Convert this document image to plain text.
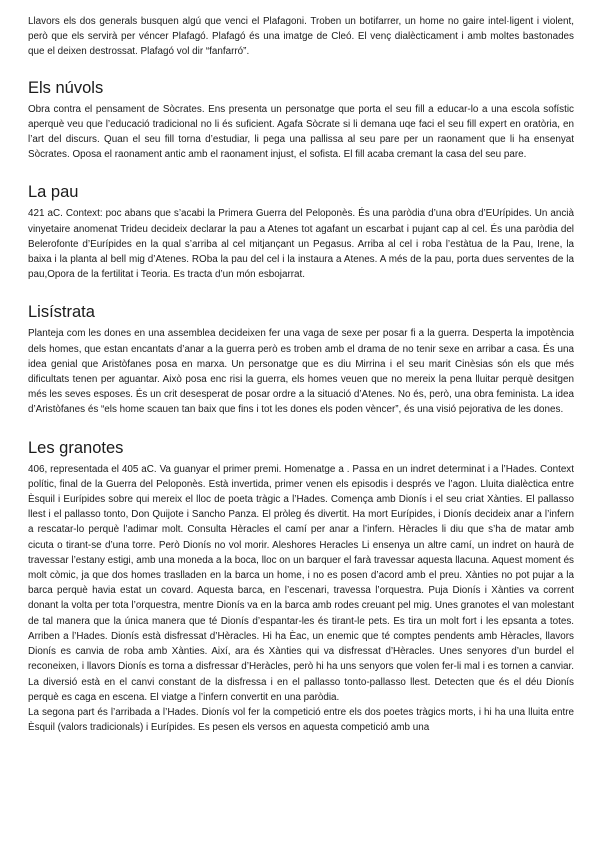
Llavors els dos generals busquen algú que venci el Plafagoni. Troben un botifarrer, un home no gaire intel·ligent i violent, però que els servirà per véncer Plafagó. Plafagó és una imatge de Cleó. El venç dialècticament i amb moltes bastonades que el deixen destrossat. Plafagó vol dir “fanfarró”.

Els núvols

Obra contra el pensament de Sòcrates. Ens presenta un personatge que porta el seu fill a educar-lo a una escola sofístic aperquè veu que l’educació tradicional no li és suficient. Agafa Sòcrate si li demana uqe faci el seu fill expert en oratòria, en l’art del discurs. Quan el seu fill torna d’estudiar, li pega una pallissa al seu pare per un raonament que li ha ensenyat Sòcrates. Oposa el raonament antic amb el raonament injust, el sofista. El fill acaba cremant la casa del seu pare.

La pau

421 aC. Context: poc abans que s’acabi la Primera Guerra del Peloponès. És una paròdia d’una obra d’EUrípides. Un ancià vinyetaire anomenat Trideu decideix declarar la pau a Atenes tot agafant un escarbat i pujant cap al cel. És una paròdia del Belerofonte d’Eurípides en la qual s’arriba al cel mitjançant un Pegasus. Arriba al cel i roba l’estàtua de la Pau, Irene, la baixa i la planta al bell mig d’Atenes. ROba la pau del cel i la instaura a Atenes. A més de la pau, porta dues serventes de la pau,Opora de la fertilitat i Teoria. Es tracta d’un món esbojarrat.

Lisístrata

Planteja com les dones en una assemblea decideixen fer una vaga de sexe per posar fi a la guerra. Desperta la impotència dels homes, que estan encantats d’anar a la guerra però es troben amb el drama de no tenir sexe en arribar a casa. És una idea genial que Aristòfanes posa en marxa. Un personatge que es diu Mirrina i el seu marit Cinèsias són els que més dificultats tenen per aguantar. Això posa enc risi la guerra, els homes veuen que no mereix la pena lluitar perquè desitgen més les seves esposes. És un crit desesperat de posar ordre a la situació d’Atenes. No és, però, una obra feminista. La idea d’Aristòfanes és “els home scauen tan baix que fins i tot les dones els poden vèncer”, és una visió pejorativa de les dones.

Les granotes

406, representada el 405 aC. Va guanyar el primer premi. Homenatge a . Passa en un indret determinat i a l’Hades. Context polític, final de la Guerra del Peloponès. Està invertida, primer venen els episodis i després ve l’agon. Lluita dialèctica entre Èsquil i Eurípides sobre qui mereix el lloc de poeta tràgic a l’Hades. Comença amb Dionís i el seu criat Xànties. El pallasso llest i el pallasso tonto, Don Quijote i Sancho Panza. El pròleg és divertit. Ha mort Eurípides, i Dionís decideix anar a l’infern a rescatar-lo perquè l’adimar molt. Consulta Hèracles el camí per anar a l’infern. Hèracles li diu que s’ha de matar amb cicuta o tirant-se d’una torre. Però Dionís no vol morir. Aleshores Heracles Li ensenya un altre camí, un indret on haurà de travessar l’estany estigi, amb una moneda a la boca, lloc on un barquer el farà travessar aquesta llacuna. Aquest moment és molt còmic, ja que dos homes traslladen en la barca un home, i no es posen d’acord amb el preu. Xànties no pot pujar a la barca perquè havia estat un covard. Aquesta barca, en l’escenari, travessa l’orquestra. Puja Dionís i Xànties va corrent donant la volta per tota l’orquestra, mentre Dionís va en la barca amb rodes creuant pel mig. Unes granotes el van molestant de tal manera que la única manera que té Dionís d’espantar-les és tirant-le pets. Es tira un molt fort i les epsanta a totes. Arriben a l’Hades. Dionís està disfressat d’Hèracles. Hi ha Èac, un enemic que té comptes pendents amb Hèracles, llavors Dionís es canvia de roba amb Xànties. Així, ara és Xànties qui va disfressat d’Hèracles. Unes senyores d’un burdel el reconeixen, i llavors Dionís es torna a disfressar d’Heràcles, però hi ha uns senyors que volen fer-li mal i es tornen a canviar. La diversió està en el canvi constant de la disfressa i en el pallasso tonto-pallasso llest. Detecten que és el déu Dionís perquè es caga en escena. El viatge a l’infern convertit en una paròdia.

La segona part és l’arribada a l’Hades. Dionís vol fer la competició entre els dos poetes tràgics morts, i hi ha una lluita entre Èsquil (valors tradicionals) i Eurípides. Es pesen els versos en aquesta competició amb una
